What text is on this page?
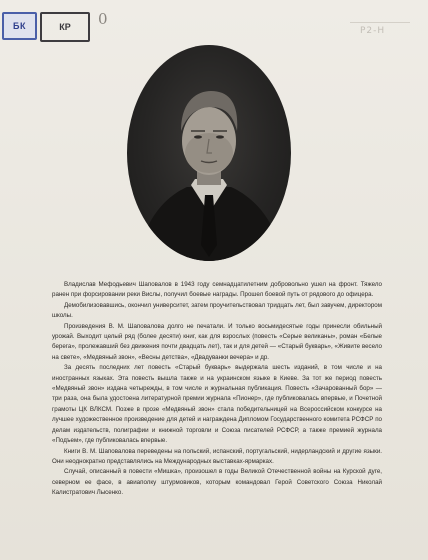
БК	КР 0
Р2-Н

Владислав Мефодьевич Шаповалов в 1943 году семнадцатилетним добровольно ушел на фронт. Тяжело ранен при форсировании реки Вислы, получил боевые награды. Прошел боевой путь от рядового до офицера.

Демобилизовавшись, окончил университет, затем проучительствовал тридцать лет, был завучем, директором школы.

Произведения В. М. Шаповалова долго не печатали. И только восьмидесятые годы принесли обильный урожай. Выходит целый ряд (более десяти) книг, как для взрослых (повесть «Серые великаны», роман «Белые берега», пролежавший без движения почти двадцать лет), так и для детей — «Старый букварь», «Живите весело на свете», «Медвяный звон», «Весны детства», «Двадуванки вечера» и др.

За десять последних лет повесть «Старый букварь» выдержала шесть изданий, в том числе и на иностранных языках. Эта повесть вышла также и на украинском языке в Киеве. За тот же период повесть «Медвяный звон» издана четырежды, в том числе и журнальная публикация. Повесть «Зачарованный бор» — три раза, она была удостоена литературной премии журнала «Пионер», где публиковалась впервые, и Почетной грамоты ЦК ВЛКСМ. Позже в прозе «Медвяный звон» стала победительницей на Всероссийском конкурсе на лучшее художественное произведение для детей и награждена Дипломом Государственного комитета РСФСР по делам издательств, полиграфии и книжной торговли и Союза писателей РСФСР, а также премией журнала «Подъем», где публиковалась впервые.

Книги В. М. Шаповалова переведены на польский, испанский, португальский, нидерландский и другие языки. Они неоднократно представлялись на Международных выставках-ярмарках.

Случай, описанный в повести «Мишка», произошел в годы Великой Отечественной войны на Курской дуге, северном ее фасе, в авиаполку штурмовиков, которым командовал Герой Советского Союза Николай Калистратович Лысенко.
